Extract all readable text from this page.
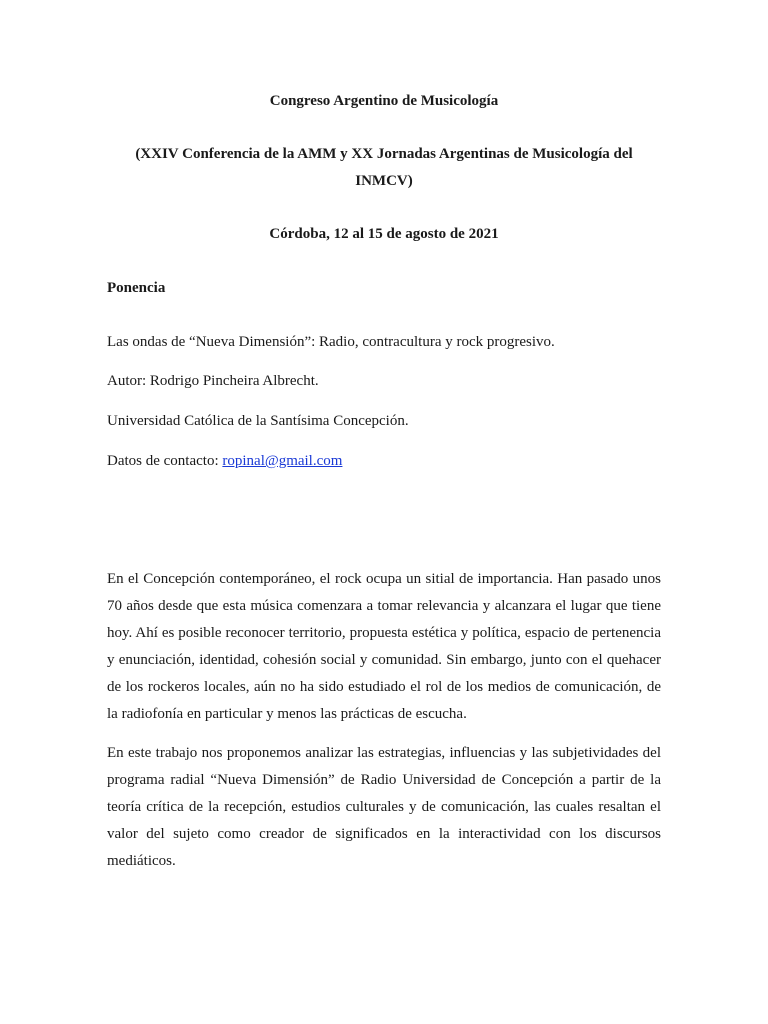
Congreso Argentino de Musicología
(XXIV Conferencia de la AMM y XX Jornadas Argentinas de Musicología del INMCV)
Córdoba, 12 al 15 de agosto de 2021
Ponencia
Las ondas de “Nueva Dimensión”: Radio, contracultura y rock progresivo.
Autor: Rodrigo Pincheira Albrecht.
Universidad Católica de la Santísima Concepción.
Datos de contacto: ropinal@gmail.com

En el Concepción contemporáneo, el rock ocupa un sitial de importancia. Han pasado unos 70 años desde que esta música comenzara a tomar relevancia y alcanzara el lugar que tiene hoy. Ahí es posible reconocer territorio, propuesta estética y política, espacio de pertenencia y enunciación, identidad, cohesión social y comunidad. Sin embargo, junto con el quehacer de los rockeros locales, aún no ha sido estudiado el rol de los medios de comunicación, de la radiofonía en particular y menos las prácticas de escucha.

En este trabajo nos proponemos analizar las estrategias, influencias y las subjetividades del programa radial “Nueva Dimensión” de Radio Universidad de Concepción a partir de la teoría crítica de la recepción, estudios culturales y de comunicación, las cuales resaltan el valor del sujeto como creador de significados en la interactividad con los discursos mediáticos.
